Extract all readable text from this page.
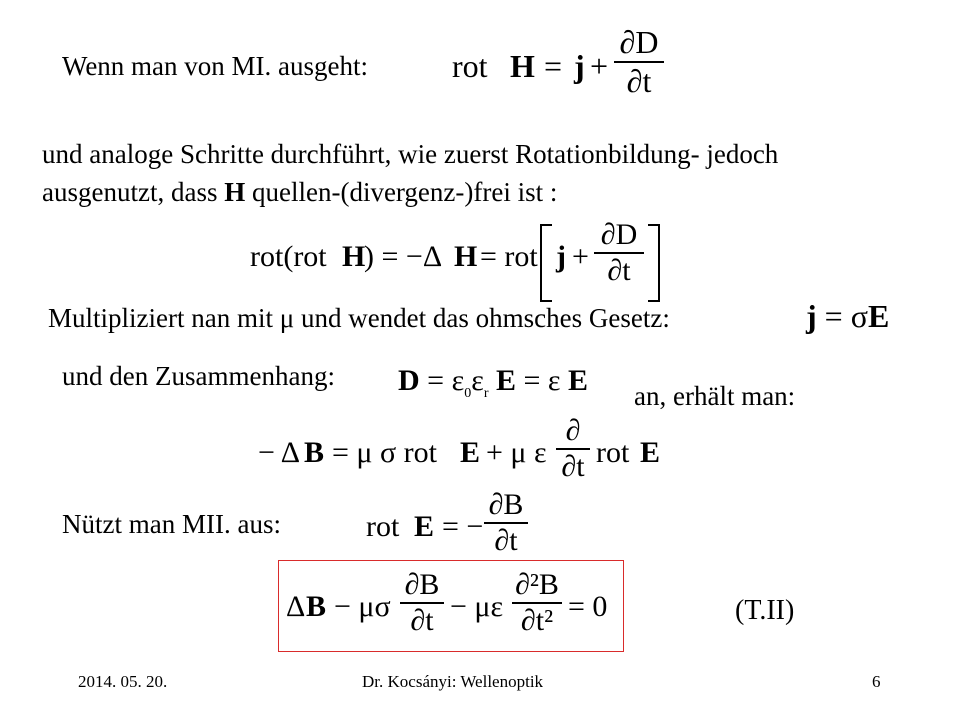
Wenn man von MI. ausgeht:
und analoge Schritte durchführt, wie zuerst Rotationbildung- jedoch
ausgenutzt, dass H quellen-(divergenz-)frei ist :
Multipliziert nan mit μ und wendet das ohmsches Gesetz:
und den Zusammenhang:
an, erhält man:
Nützt man MII. aus:
(T.II)
rot H = j +
∂D
∂t
rot(rot H
) = −Δ H = rot j +
∂D
∂t
j = σE
$D = \varepsilon_0\varepsilon_r$ E = ε E
− Δ B = μ σ rot E + μ ε
∂
∂t rot E
rot E = −
∂B
∂t
Δ B − μσ
∂B
∂t − με
∂²B
∂t² = 0
2014. 05. 20.	Dr. Kocsányi: Wellenoptik	6
